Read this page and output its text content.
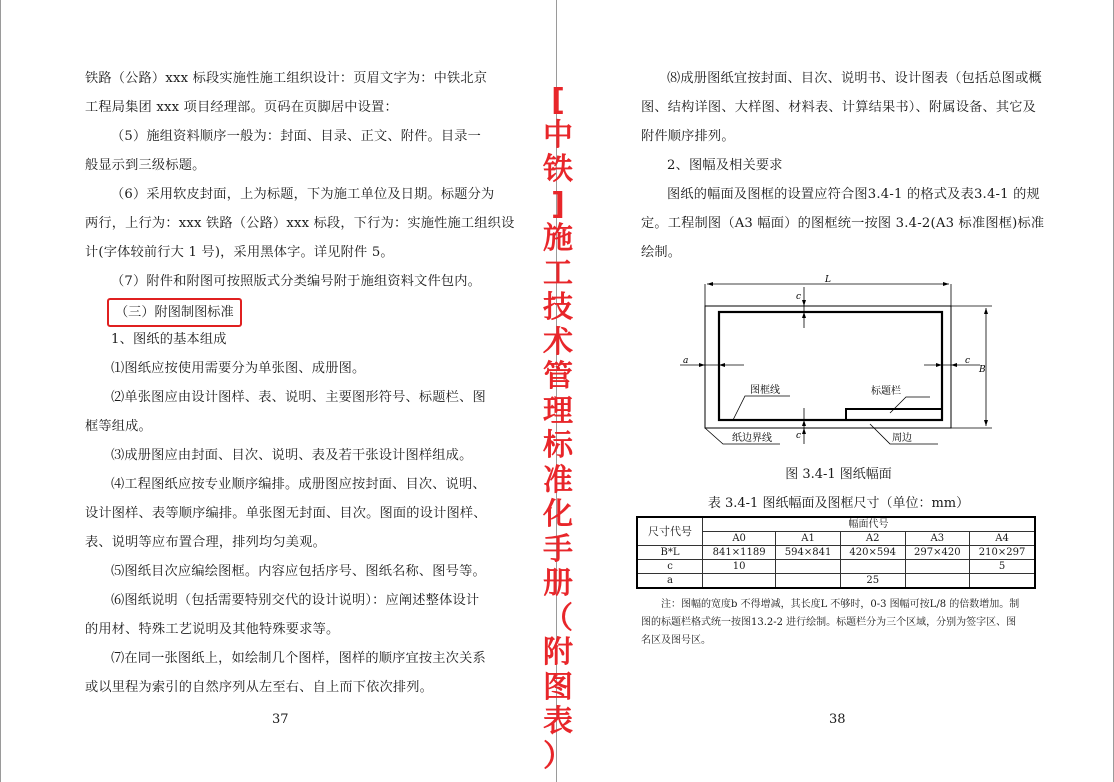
铁路（公路）xxx 标段实施性施工组织设计：页眉文字为：中铁北京
工程局集团 xxx 项目经理部。页码在页脚居中设置：
（5）施组资料顺序一般为：封面、目录、正文、附件。目录一
般显示到三级标题。
（6）采用软皮封面，上为标题，下为施工单位及日期。标题分为
两行，上行为：xxx 铁路（公路）xxx 标段，下行为：实施性施工组织设
计(字体较前行大 1 号)，采用黑体字。详见附件 5。
（7）附件和附图可按照版式分类编号附于施组资料文件包内。
（三）附图制图标准
1、图纸的基本组成
⑴图纸应按使用需要分为单张图、成册图。
⑵单张图应由设计图样、表、说明、主要图形符号、标题栏、图
框等组成。
⑶成册图应由封面、目次、说明、表及若干张设计图样组成。
⑷工程图纸应按专业顺序编排。成册图应按封面、目次、说明、
设计图样、表等顺序编排。单张图无封面、目次。图面的设计图样、
表、说明等应布置合理，排列均匀美观。
⑸图纸目次应编绘图框。内容应包括序号、图纸名称、图号等。
⑹图纸说明（包括需要特别交代的设计说明）：应阐述整体设计
的用材、特殊工艺说明及其他特殊要求等。
⑺在同一张图纸上，如绘制几个图样，图样的顺序宜按主次关系
或以里程为索引的自然序列从左至右、自上而下依次排列。
37
[
中
铁
]
施
工
技
术
管
理
标
准
化
手
册
（
附
图
表
）
⑻成册图纸宜按封面、目次、说明书、设计图表（包括总图或概
图、结构详图、大样图、材料表、计算结果书）、附属设备、其它及
附件顺序排列。
2、图幅及相关要求
图纸的幅面及图框的设置应符合图3.4-1 的格式及表3.4-1 的规
定。工程制图（A3 幅面）的图框统一按图 3.4-2(A3 标准图框)标准
绘制。
L
c
c
a	c
B
图框线	标题栏
纸边界线	周边
图 3.4-1 图纸幅面
表 3.4-1 图纸幅面及图框尺寸（单位：mm）
尺寸代号	幅面代号				
	A0	A1	A2	A3	A4
B*L	841×1189	594×841	420×594	297×420	210×297
c	10				5
a			25		
注：图幅的宽度b 不得增减，其长度L 不够时，0-3 图幅可按L/8 的倍数增加。制
图的标题栏格式统一按图13.2-2 进行绘制。标题栏分为三个区域，分别为签字区、图
名区及图号区。
38
